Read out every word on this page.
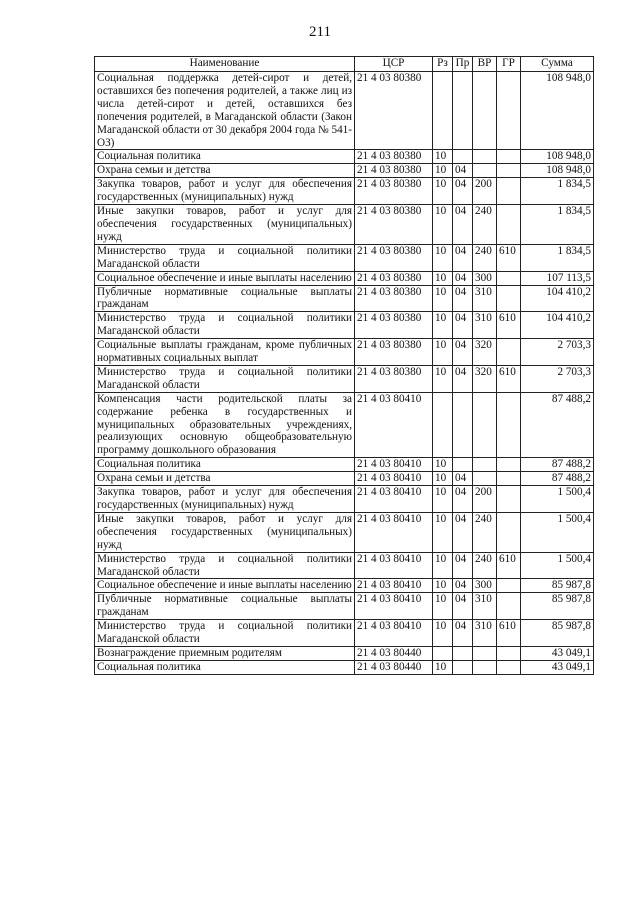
211
Наименование	ЦСР	Рз	Пр	ВР	ГР	Сумма
Социальная поддержка детей-сирот и детей, оставшихся без попечения родителей, а также лиц из числа детей-сирот и детей, оставшихся без попечения родителей, в Магаданской области (Закон Магаданской области от 30 декабря 2004 года № 541-ОЗ)	21 4 03 80380					108 948,0
Социальная политика	21 4 03 80380	10				108 948,0
Охрана семьи и детства	21 4 03 80380	10	04			108 948,0
Закупка товаров, работ и услуг для обеспечения государственных (муниципальных) нужд	21 4 03 80380	10	04	200		1 834,5
Иные закупки товаров, работ и услуг для обеспечения государственных (муниципальных) нужд	21 4 03 80380	10	04	240		1 834,5
Министерство труда и социальной политики Магаданской области	21 4 03 80380	10	04	240	610	1 834,5
Социальное обеспечение и иные выплаты населению	21 4 03 80380	10	04	300		107 113,5
Публичные нормативные социальные выплаты гражданам	21 4 03 80380	10	04	310		104 410,2
Министерство труда и социальной политики Магаданской области	21 4 03 80380	10	04	310	610	104 410,2
Социальные выплаты гражданам, кроме публичных нормативных социальных выплат	21 4 03 80380	10	04	320		2 703,3
Министерство труда и социальной политики Магаданской области	21 4 03 80380	10	04	320	610	2 703,3
Компенсация части родительской платы за содержание ребенка в государственных и муниципальных образовательных учреждениях, реализующих основную общеобразовательную программу дошкольного образования	21 4 03 80410					87 488,2
Социальная политика	21 4 03 80410	10				87 488,2
Охрана семьи и детства	21 4 03 80410	10	04			87 488,2
Закупка товаров, работ и услуг для обеспечения государственных (муниципальных) нужд	21 4 03 80410	10	04	200		1 500,4
Иные закупки товаров, работ и услуг для обеспечения государственных (муниципальных) нужд	21 4 03 80410	10	04	240		1 500,4
Министерство труда и социальной политики Магаданской области	21 4 03 80410	10	04	240	610	1 500,4
Социальное обеспечение и иные выплаты населению	21 4 03 80410	10	04	300		85 987,8
Публичные нормативные социальные выплаты гражданам	21 4 03 80410	10	04	310		85 987,8
Министерство труда и социальной политики Магаданской области	21 4 03 80410	10	04	310	610	85 987,8
Вознаграждение приемным родителям	21 4 03 80440					43 049,1
Социальная политика	21 4 03 80440	10				43 049,1
